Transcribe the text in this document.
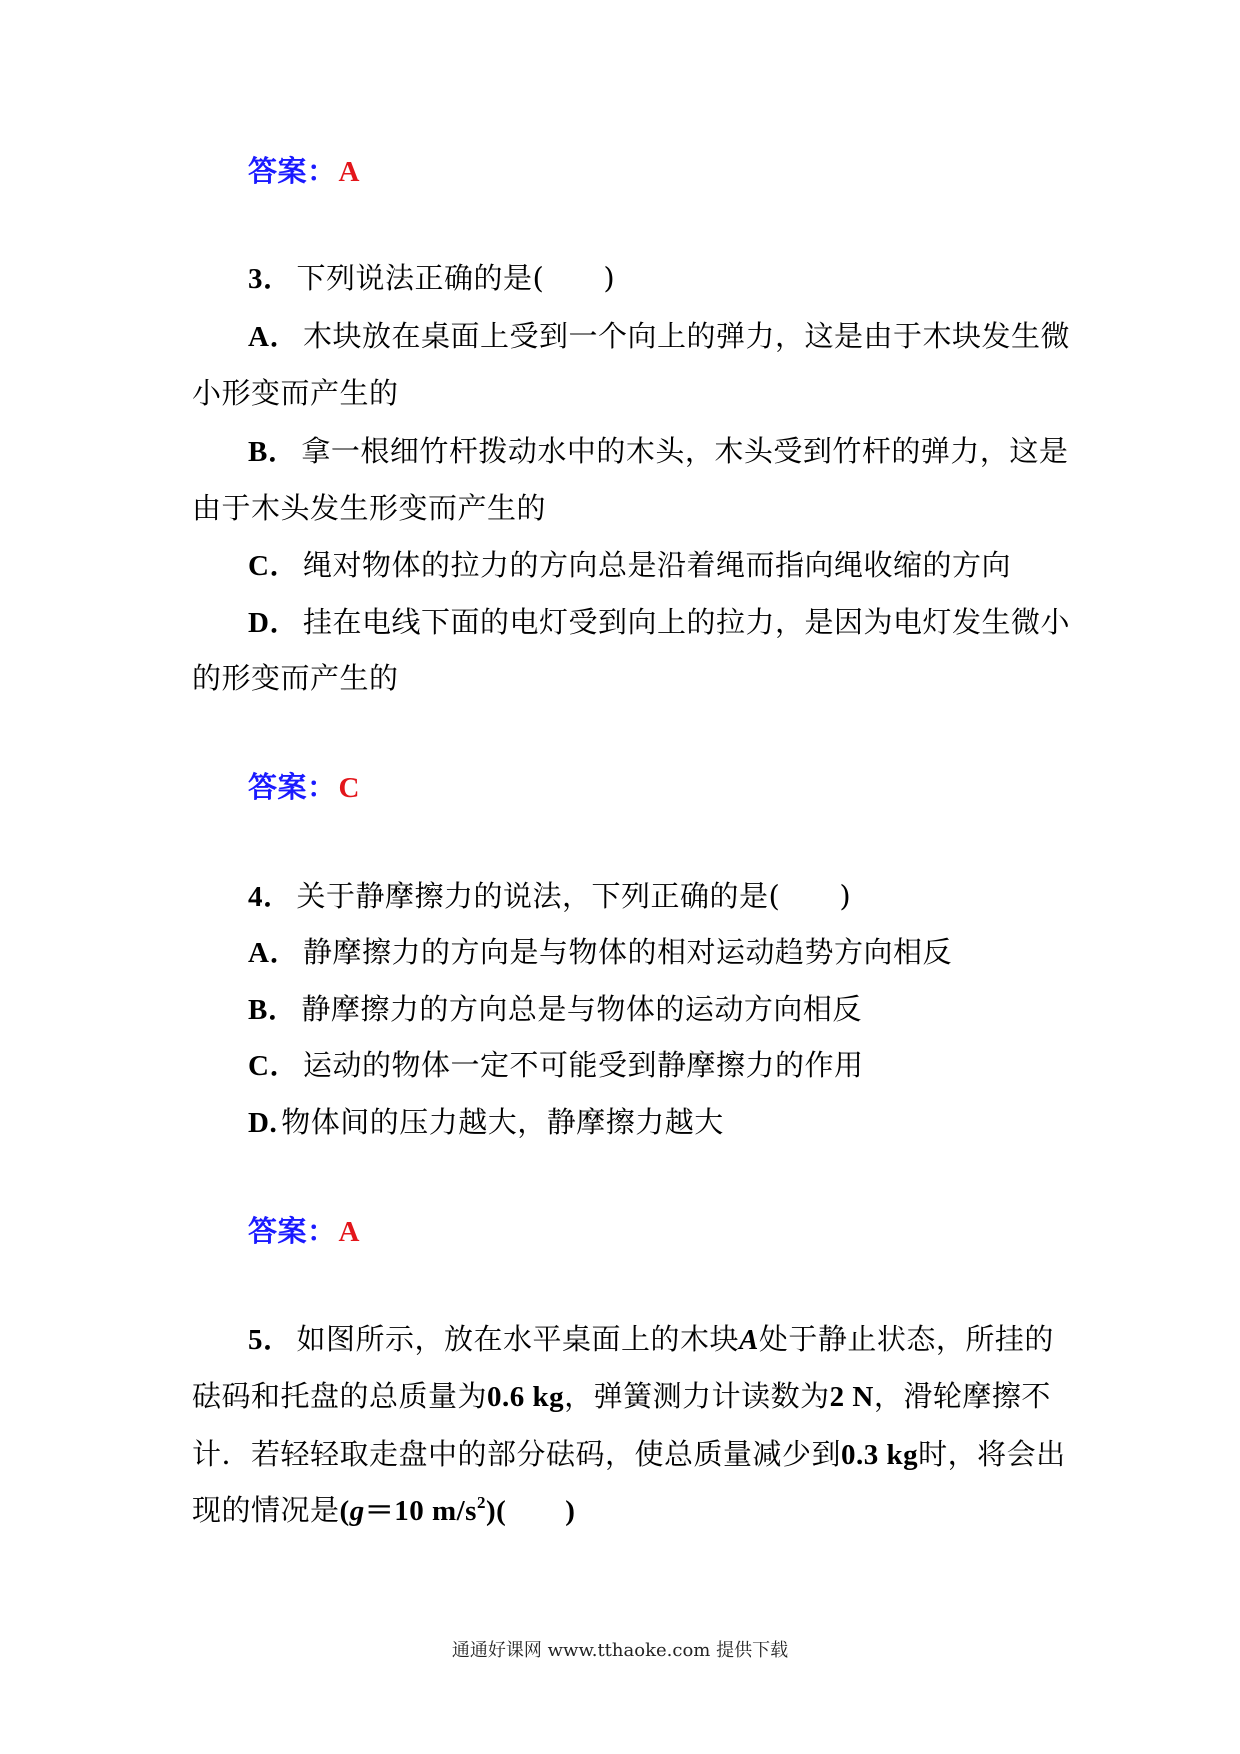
答案：A
3． 下列说法正确的是(　　)
A． 木块放在桌面上受到一个向上的弹力，这是由于木块发生微
小形变而产生的
B． 拿一根细竹杆拨动水中的木头，木头受到竹杆的弹力，这是
由于木头发生形变而产生的
C． 绳对物体的拉力的方向总是沿着绳而指向绳收缩的方向
D． 挂在电线下面的电灯受到向上的拉力，是因为电灯发生微小
的形变而产生的
答案：C
4． 关于静摩擦力的说法，下列正确的是(　　)
A． 静摩擦力的方向是与物体的相对运动趋势方向相反
B． 静摩擦力的方向总是与物体的运动方向相反
C． 运动的物体一定不可能受到静摩擦力的作用
D. 物体间的压力越大，静摩擦力越大
答案：A
5． 如图所示，放在水平桌面上的木块A处于静止状态，所挂的
砝码和托盘的总质量为0.6 kg，弹簧测力计读数为2 N，滑轮摩擦不
计．若轻轻取走盘中的部分砝码，使总质量减少到0.3 kg时，将会出
现的情况是(g＝10 $m/s^2$)(　　)
通通好课网 www.tthaoke.com 提供下载
